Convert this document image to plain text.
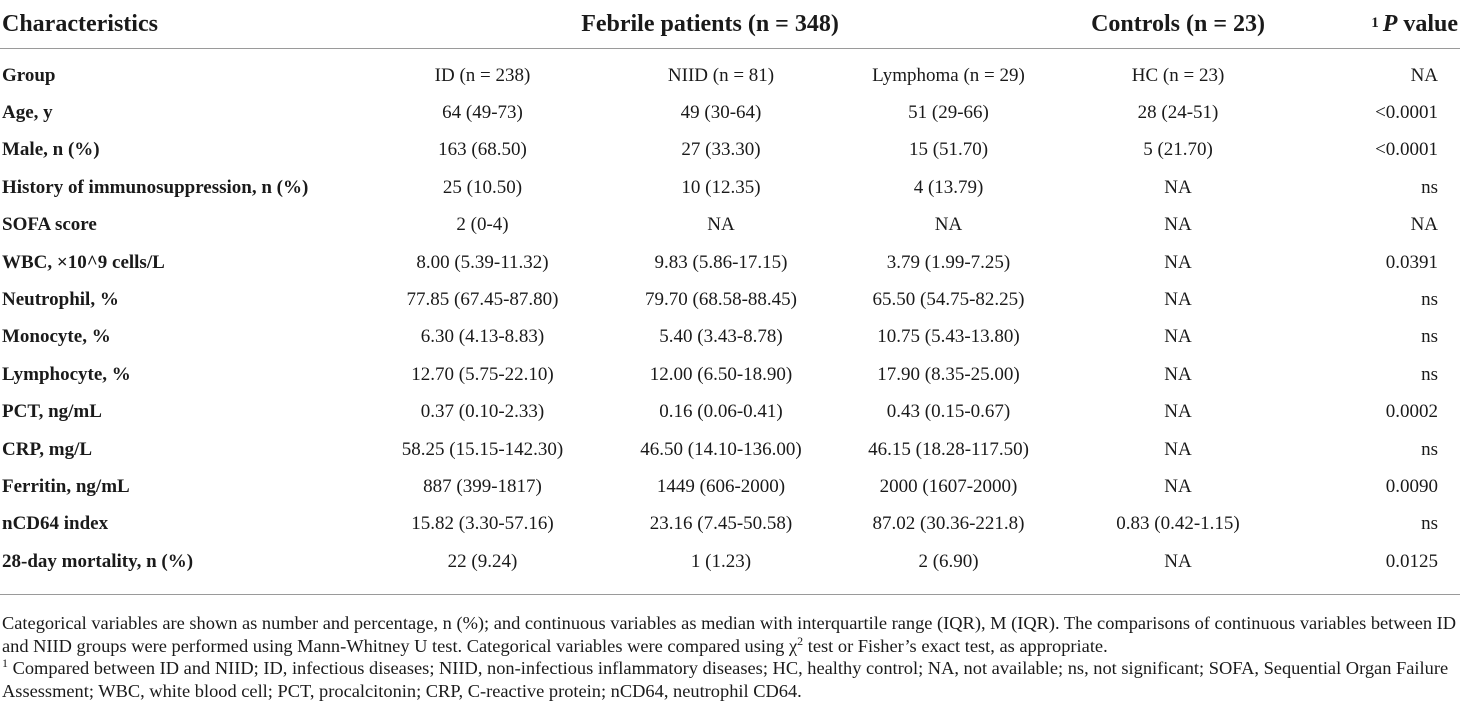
Characteristics	Febrile patients (n = 348)			Controls (n = 23)	$^1$ P value
Group	ID (n = 238)	NIID (n = 81)	Lymphoma (n = 29)	HC (n = 23)	NA
Age, y	64 (49-73)	49 (30-64)	51 (29-66)	28 (24-51)	<0.0001
Male, n (%)	163 (68.50)	27 (33.30)	15 (51.70)	5 (21.70)	<0.0001
History of immunosuppression, n (%)	25 (10.50)	10 (12.35)	4 (13.79)	NA	ns
SOFA score	2 (0-4)	NA	NA	NA	NA
WBC, ×10^9 cells/L	8.00 (5.39-11.32)	9.83 (5.86-17.15)	3.79 (1.99-7.25)	NA	0.0391
Neutrophil, %	77.85 (67.45-87.80)	79.70 (68.58-88.45)	65.50 (54.75-82.25)	NA	ns
Monocyte, %	6.30 (4.13-8.83)	5.40 (3.43-8.78)	10.75 (5.43-13.80)	NA	ns
Lymphocyte, %	12.70 (5.75-22.10)	12.00 (6.50-18.90)	17.90 (8.35-25.00)	NA	ns
PCT, ng/mL	0.37 (0.10-2.33)	0.16 (0.06-0.41)	0.43 (0.15-0.67)	NA	0.0002
CRP, mg/L	58.25 (15.15-142.30)	46.50 (14.10-136.00)	46.15 (18.28-117.50)	NA	ns
Ferritin, ng/mL	887 (399-1817)	1449 (606-2000)	2000 (1607-2000)	NA	0.0090
nCD64 index	15.82 (3.30-57.16)	23.16 (7.45-50.58)	87.02 (30.36-221.8)	0.83 (0.42-1.15)	ns
28-day mortality, n (%)	22 (9.24)	1 (1.23)	2 (6.90)	NA	0.0125

Categorical variables are shown as number and percentage, n (%); and continuous variables as median with interquartile range (IQR), M (IQR). The comparisons of continuous variables between ID and NIID groups were performed using Mann-Whitney U test. Categorical variables were compared using $\chi^2$ test or Fisher’s exact test, as appropriate.

$^1$ Compared between ID and NIID; ID, infectious diseases; NIID, non-infectious inflammatory diseases; HC, healthy control; NA, not available; ns, not significant; SOFA, Sequential Organ Failure Assessment; WBC, white blood cell; PCT, procalcitonin; CRP, C-reactive protein; nCD64, neutrophil CD64.
